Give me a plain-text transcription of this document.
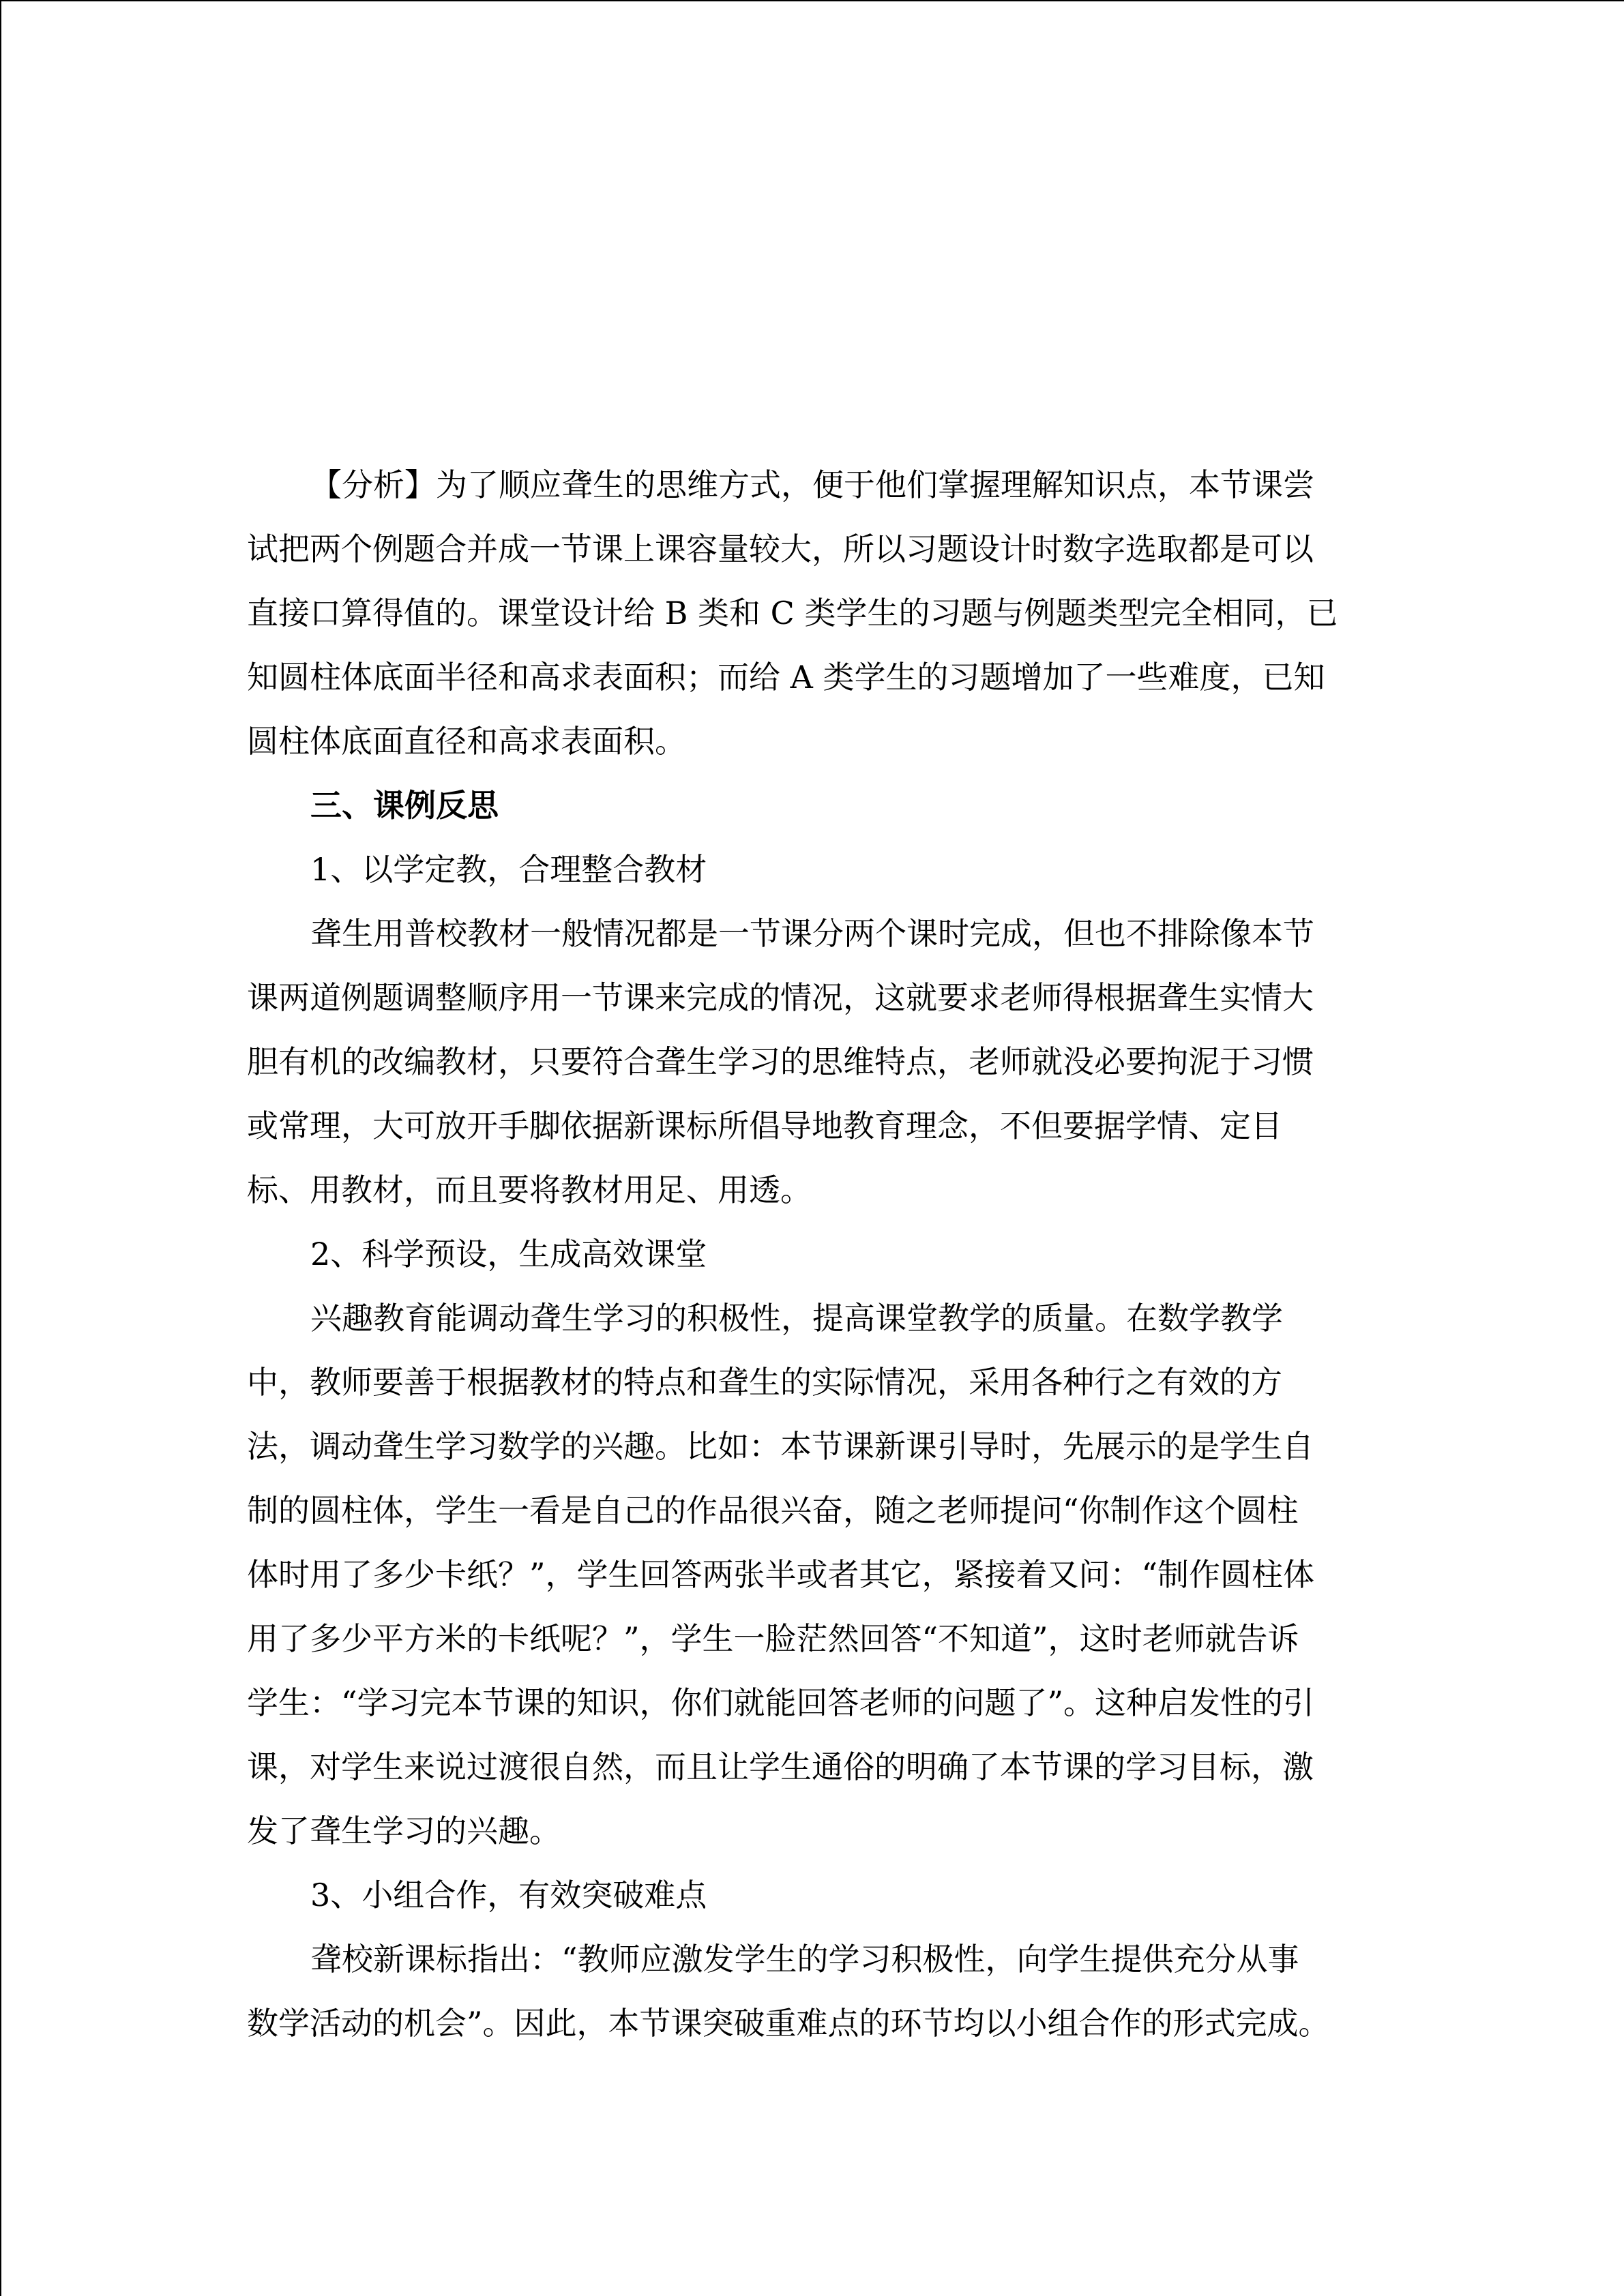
【分析】为了顺应聋生的思维方式，便于他们掌握理解知识点，本节课尝
试把两个例题合并成一节课上课容量较大，所以习题设计时数字选取都是可以
直接口算得值的。课堂设计给 B 类和 C 类学生的习题与例题类型完全相同，已
知圆柱体底面半径和高求表面积；而给 A 类学生的习题增加了一些难度，已知
圆柱体底面直径和高求表面积。
三、课例反思
1、以学定教，合理整合教材
聋生用普校教材一般情况都是一节课分两个课时完成，但也不排除像本节
课两道例题调整顺序用一节课来完成的情况，这就要求老师得根据聋生实情大
胆有机的改编教材，只要符合聋生学习的思维特点，老师就没必要拘泥于习惯
或常理，大可放开手脚依据新课标所倡导地教育理念，不但要据学情、定目
标、用教材，而且要将教材用足、用透。
2、科学预设，生成高效课堂
兴趣教育能调动聋生学习的积极性，提高课堂教学的质量。在数学教学
中，教师要善于根据教材的特点和聋生的实际情况，采用各种行之有效的方
法，调动聋生学习数学的兴趣。比如：本节课新课引导时，先展示的是学生自
制的圆柱体，学生一看是自己的作品很兴奋，随之老师提问“你制作这个圆柱
体时用了多少卡纸？”，学生回答两张半或者其它，紧接着又问：“制作圆柱体
用了多少平方米的卡纸呢？”，学生一脸茫然回答“不知道”，这时老师就告诉
学生：“学习完本节课的知识，你们就能回答老师的问题了”。这种启发性的引
课，对学生来说过渡很自然，而且让学生通俗的明确了本节课的学习目标，激
发了聋生学习的兴趣。
3、小组合作，有效突破难点
聋校新课标指出：“教师应激发学生的学习积极性，向学生提供充分从事
数学活动的机会”。因此，本节课突破重难点的环节均以小组合作的形式完成。
